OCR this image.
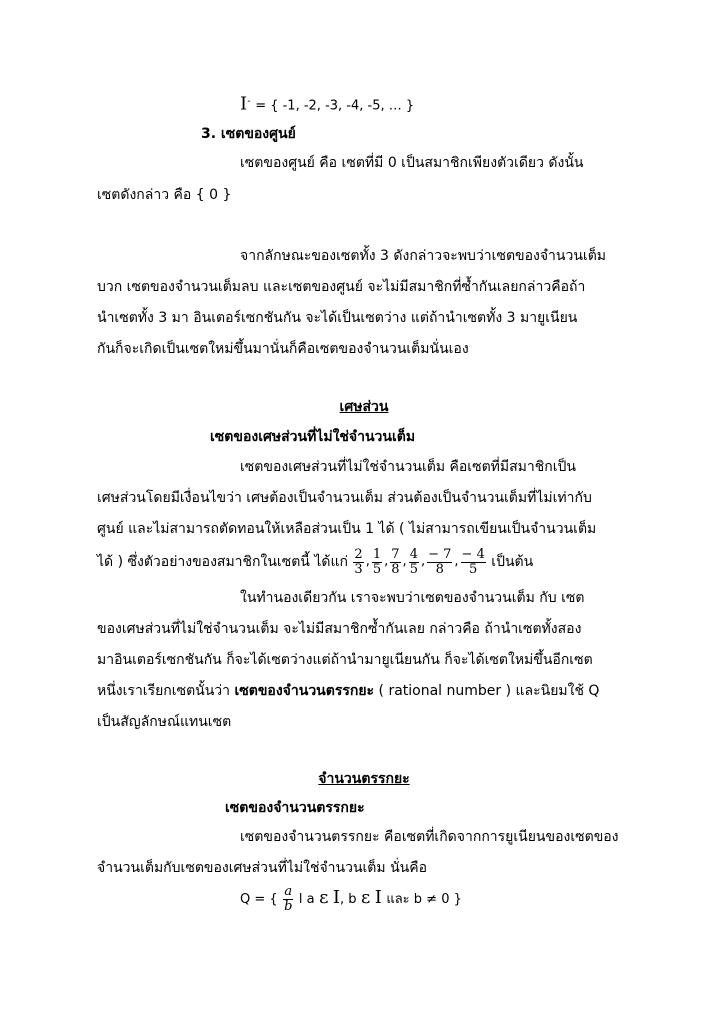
I- = { -1, -2, -3, -4, -5, … }
3. เซตของศูนย์
เซตของศูนย์ คือ เซตที่มี 0 เป็นสมาชิกเพียงตัวเดียว ดังนั้น
เซตดังกล่าว คือ { 0 }
จากลักษณะของเซตทั้ง 3 ดังกล่าวจะพบว่าเซตของจำนวนเต็ม
บวก เซตของจำนวนเต็มลบ และเซตของศูนย์ จะไม่มีสมาชิกที่ซ้ำกันเลยกล่าวคือถ้า
นำเซตทั้ง 3 มา อินเตอร์เซกชันกัน จะได้เป็นเซตว่าง แต่ถ้านำเซตทั้ง 3 มายูเนียน
กันก็จะเกิดเป็นเซตใหม่ขึ้นมานั่นก็คือเซตของจำนวนเต็มนั่นเอง
เศษส่วน
เซตของเศษส่วนที่ไม่ใช่จำนวนเต็ม
เซตของเศษส่วนที่ไม่ใช่จำนวนเต็ม คือเซตที่มีสมาชิกเป็น
เศษส่วนโดยมีเงื่อนไขว่า เศษต้องเป็นจำนวนเต็ม ส่วนต้องเป็นจำนวนเต็มที่ไม่เท่ากับ
ศูนย์ และไม่สามารถตัดทอนให้เหลือส่วนเป็น 1 ได้ ( ไม่สามารถเขียนเป็นจำนวนเต็ม
ได้ ) ซึ่งตัวอย่างของสมาชิกในเซตนี้ ได้แก่ $\frac{2}{3}$ , $\frac{1}{5}$ , $\frac{7}{8}$ , $\frac{4}{5}$ , $\frac{- 7}{8}$ , $\frac{- 4}{5}$ เป็นต้น
ในทำนองเดียวกัน เราจะพบว่าเซตของจำนวนเต็ม กับ เซต
ของเศษส่วนที่ไม่ใช่จำนวนเต็ม จะไม่มีสมาชิกซ้ำกันเลย กล่าวคือ ถ้านำเซตทั้งสอง
มาอินเตอร์เซกชันกัน ก็จะได้เซตว่างแต่ถ้านำมายูเนียนกัน ก็จะได้เซตใหม่ขึ้นอีกเซต
หนึ่งเราเรียกเซตนั้นว่า เซตของจำนวนตรรกยะ ( rational number ) และนิยมใช้ Q
เป็นสัญลักษณ์แทนเซต
จำนวนตรรกยะ
เซตของจำนวนตรรกยะ
เซตของจำนวนตรรกยะ คือเซตที่เกิดจากการยูเนียนของเซตของ
จำนวนเต็มกับเซตของเศษส่วนที่ไม่ใช่จำนวนเต็ม นั่นคือ
Q = { $\frac{a}{b}$ l a ε I, b ε I และ b ≠ 0 }
